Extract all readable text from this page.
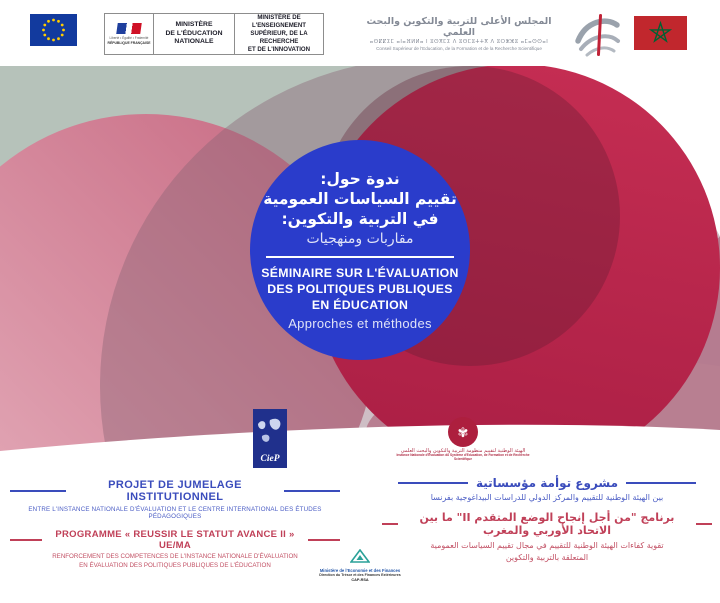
Liberté • Égalité • Fraternité
RÉPUBLIQUE FRANÇAISE
MINISTÈRE
DE L'ÉDUCATION
NATIONALE
MINISTÈRE DE L'ENSEIGNEMENT
SUPÉRIEUR, DE LA RECHERCHE
ET DE L'INNOVATION
المجلس الأعلى للتربية والتكوين والبحث العلمي
ⴰⵙⵇⵇⵉⵎ ⴰⵏⴰⴼⵍⵍⴰ ⵏ ⵓⵙⴳⵎⵉ ⴷ ⵓⵙⵎⵓⵜⵜⴳ ⴷ ⵓⵔⵣⵣⵓ ⴰⵎⴰⵙⵙⴰⵏ
Conseil Supérieur de l'Education, de la Formation et de la Recherche Scientifique
ندوة حول:
تقييم السياسات العمومية
في التربية والتكوين:
مقاربات ومنهجيات
SÉMINAIRE SUR L'ÉVALUATION
DES POLITIQUES PUBLIQUES
EN ÉDUCATION
Approches et méthodes
CieP
✾
الهيئة الوطنية لتقييم منظومة التربية والتكوين والبحث العلمي
Instance Nationale d'Evaluation du Système d'Education, de Formation et de Recherche Scientifique
PROJET DE JUMELAGE INSTITUTIONNEL
ENTRE L'INSTANCE NATIONALE D'ÉVALUATION ET LE CENTRE INTERNATIONAL DES ÉTUDES PÉDAGOGIQUES
PROGRAMME « REUSSIR LE STATUT AVANCE II » UE/MA
RENFORCEMENT DES COMPETENCES DE L'INSTANCE NATIONALE D'ÉVALUATION
EN ÉVALUATION DES POLITIQUES PUBLIQUES DE L'ÉDUCATION
مشروع توأمة مؤسساتية
بين الهيئة الوطنية للتقييم والمركز الدولي للدراسات البيداغوجية بفرنسا
برنامج "من أجل إنجاح الوضع المتقدم II" ما بين الاتحاد الأوربي والمغرب
تقوية كفاءات الهيئة الوطنية للتقييم في مجال تقييم السياسات العمومية
المتعلقة بالتربية والتكوين
Ministère de l'Economie et des Finances
Direction du Trésor et des Finances Extérieures
CAP-RSA
